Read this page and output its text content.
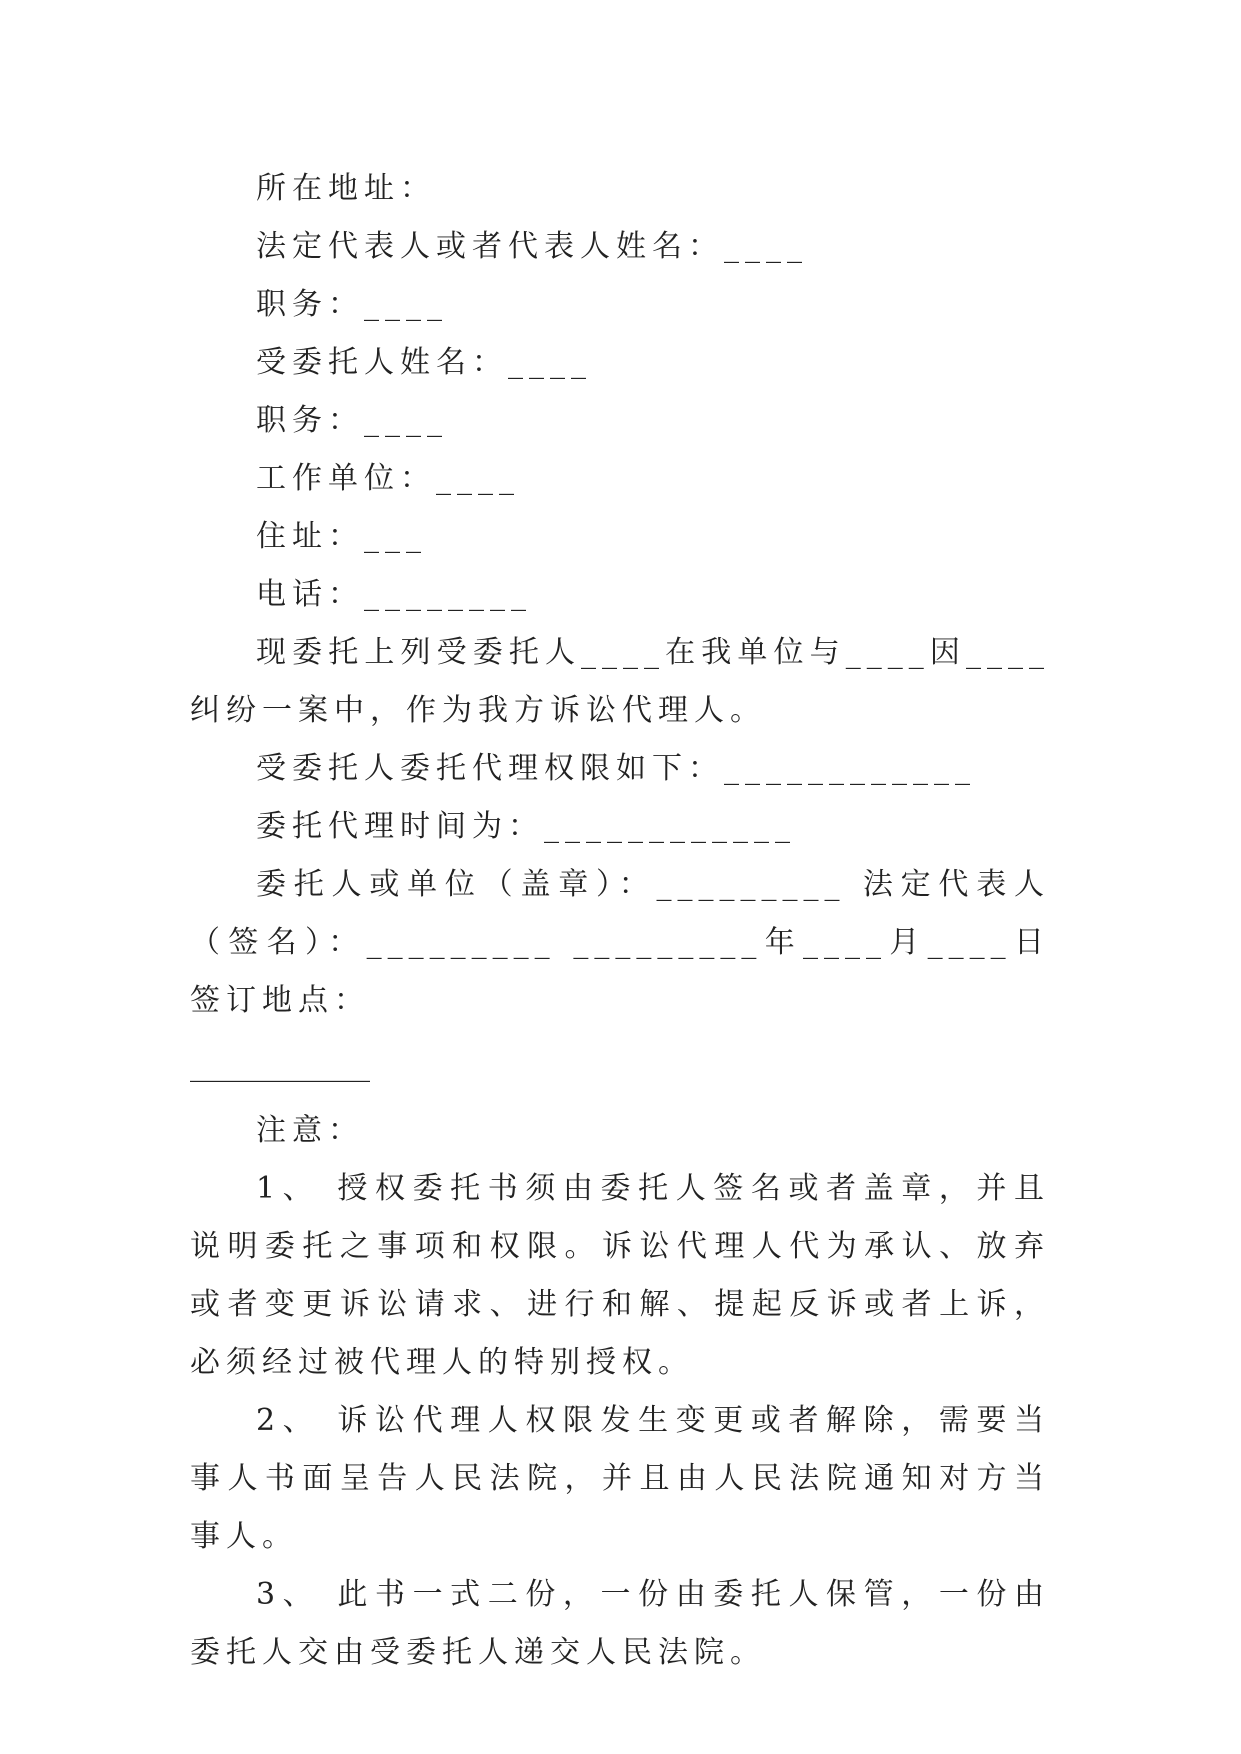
所在地址：

法定代表人或者代表人姓名：____

职务：____

受委托人姓名：____

职务：____

工作单位：____

住址：___

电话：________

现委托上列受委托人____在我单位与____因____纠纷一案中，作为我方诉讼代理人。

受委托人委托代理权限如下：____________

委托代理时间为：____________

委托人或单位（盖章）：_________ 法定代表人（签名）：_________ _________年____月____日签订地点：

____________

注意：

1、 授权委托书须由委托人签名或者盖章，并且说明委托之事项和权限。诉讼代理人代为承认、放弃或者变更诉讼请求、进行和解、提起反诉或者上诉，必须经过被代理人的特别授权。

2、 诉讼代理人权限发生变更或者解除，需要当事人书面呈告人民法院，并且由人民法院通知对方当事人。

3、 此书一式二份，一份由委托人保管，一份由委托人交由受委托人递交人民法院。
